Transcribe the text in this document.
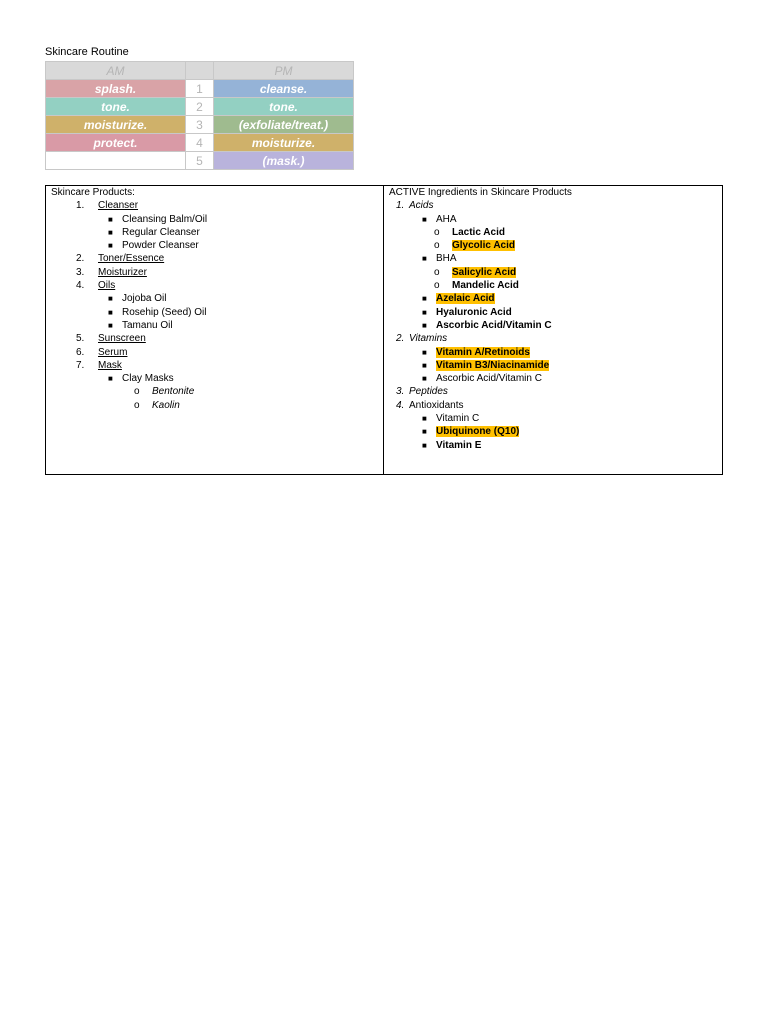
Skincare Routine
AM		PM
splash.	1	cleanse.
tone.	2	tone.
moisturize.	3	(exfoliate/treat.)
protect.	4	moisturize.
	5	(mask.)
Skincare Products:
1. Cleanser
■ Cleansing Balm/Oil
■ Regular Cleanser
■ Powder Cleanser
2. Toner/Essence
3. Moisturizer
4. Oils
■ Jojoba Oil
■ Rosehip (Seed) Oil
■ Tamanu Oil
5. Sunscreen
6. Serum
7. Mask
■ Clay Masks
o Bentonite
o Kaolin

ACTIVE Ingredients in Skincare Products
1. Acids
■ AHA
o Lactic Acid
o Glycolic Acid
■ BHA
o Salicylic Acid
o Mandelic Acid
■ Azelaic Acid
■ Hyaluronic Acid
■ Ascorbic Acid/Vitamin C
2. Vitamins
■ Vitamin A/Retinoids
■ Vitamin B3/Niacinamide
■ Ascorbic Acid/Vitamin C
3. Peptides
4. Antioxidants
■ Vitamin C
■ Ubiquinone (Q10)
■ Vitamin E
